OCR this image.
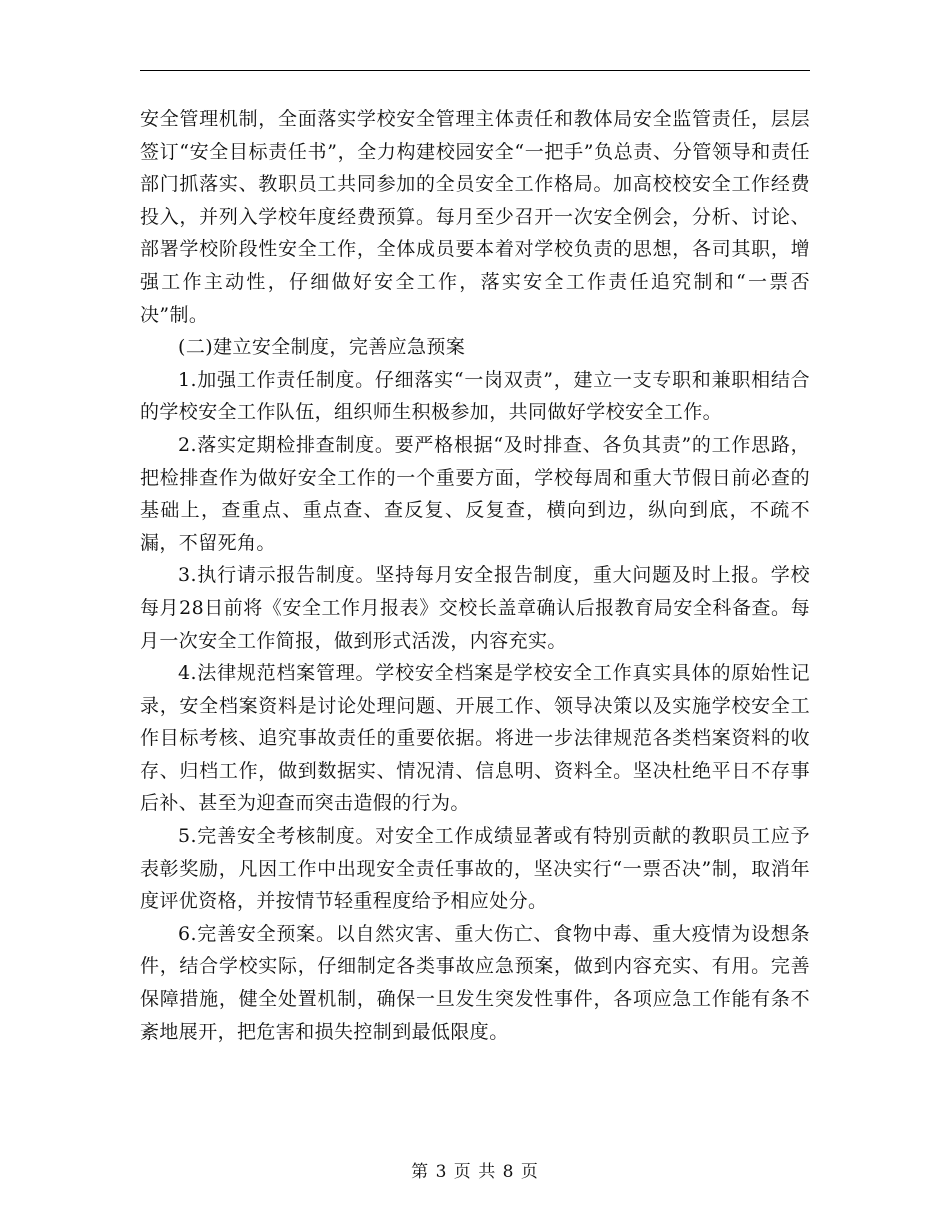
安全管理机制，全面落实学校安全管理主体责任和教体局安全监管责任，层层签订“安全目标责任书”，全力构建校园安全“一把手”负总责、分管领导和责任部门抓落实、教职员工共同参加的全员安全工作格局。加高校校安全工作经费投入，并列入学校年度经费预算。每月至少召开一次安全例会，分析、讨论、部署学校阶段性安全工作，全体成员要本着对学校负责的思想，各司其职，增强工作主动性，仔细做好安全工作，落实安全工作责任追究制和“一票否决”制。

(二)建立安全制度，完善应急预案

1.加强工作责任制度。仔细落实“一岗双责”，建立一支专职和兼职相结合的学校安全工作队伍，组织师生积极参加，共同做好学校安全工作。

2.落实定期检排查制度。要严格根据“及时排查、各负其责”的工作思路，把检排查作为做好安全工作的一个重要方面，学校每周和重大节假日前必查的基础上，查重点、重点查、查反复、反复查，横向到边，纵向到底，不疏不漏，不留死角。

3.执行请示报告制度。坚持每月安全报告制度，重大问题及时上报。学校每月28日前将《安全工作月报表》交校长盖章确认后报教育局安全科备查。每月一次安全工作简报，做到形式活泼，内容充实。

4.法律规范档案管理。学校安全档案是学校安全工作真实具体的原始性记录，安全档案资料是讨论处理问题、开展工作、领导决策以及实施学校安全工作目标考核、追究事故责任的重要依据。将进一步法律规范各类档案资料的收存、归档工作，做到数据实、情况清、信息明、资料全。坚决杜绝平日不存事后补、甚至为迎查而突击造假的行为。

5.完善安全考核制度。对安全工作成绩显著或有特别贡献的教职员工应予表彰奖励，凡因工作中出现安全责任事故的，坚决实行“一票否决”制，取消年度评优资格，并按情节轻重程度给予相应处分。

6.完善安全预案。以自然灾害、重大伤亡、食物中毒、重大疫情为设想条件，结合学校实际，仔细制定各类事故应急预案，做到内容充实、有用。完善保障措施，健全处置机制，确保一旦发生突发性事件，各项应急工作能有条不紊地展开，把危害和损失控制到最低限度。

第 3 页 共 8 页
